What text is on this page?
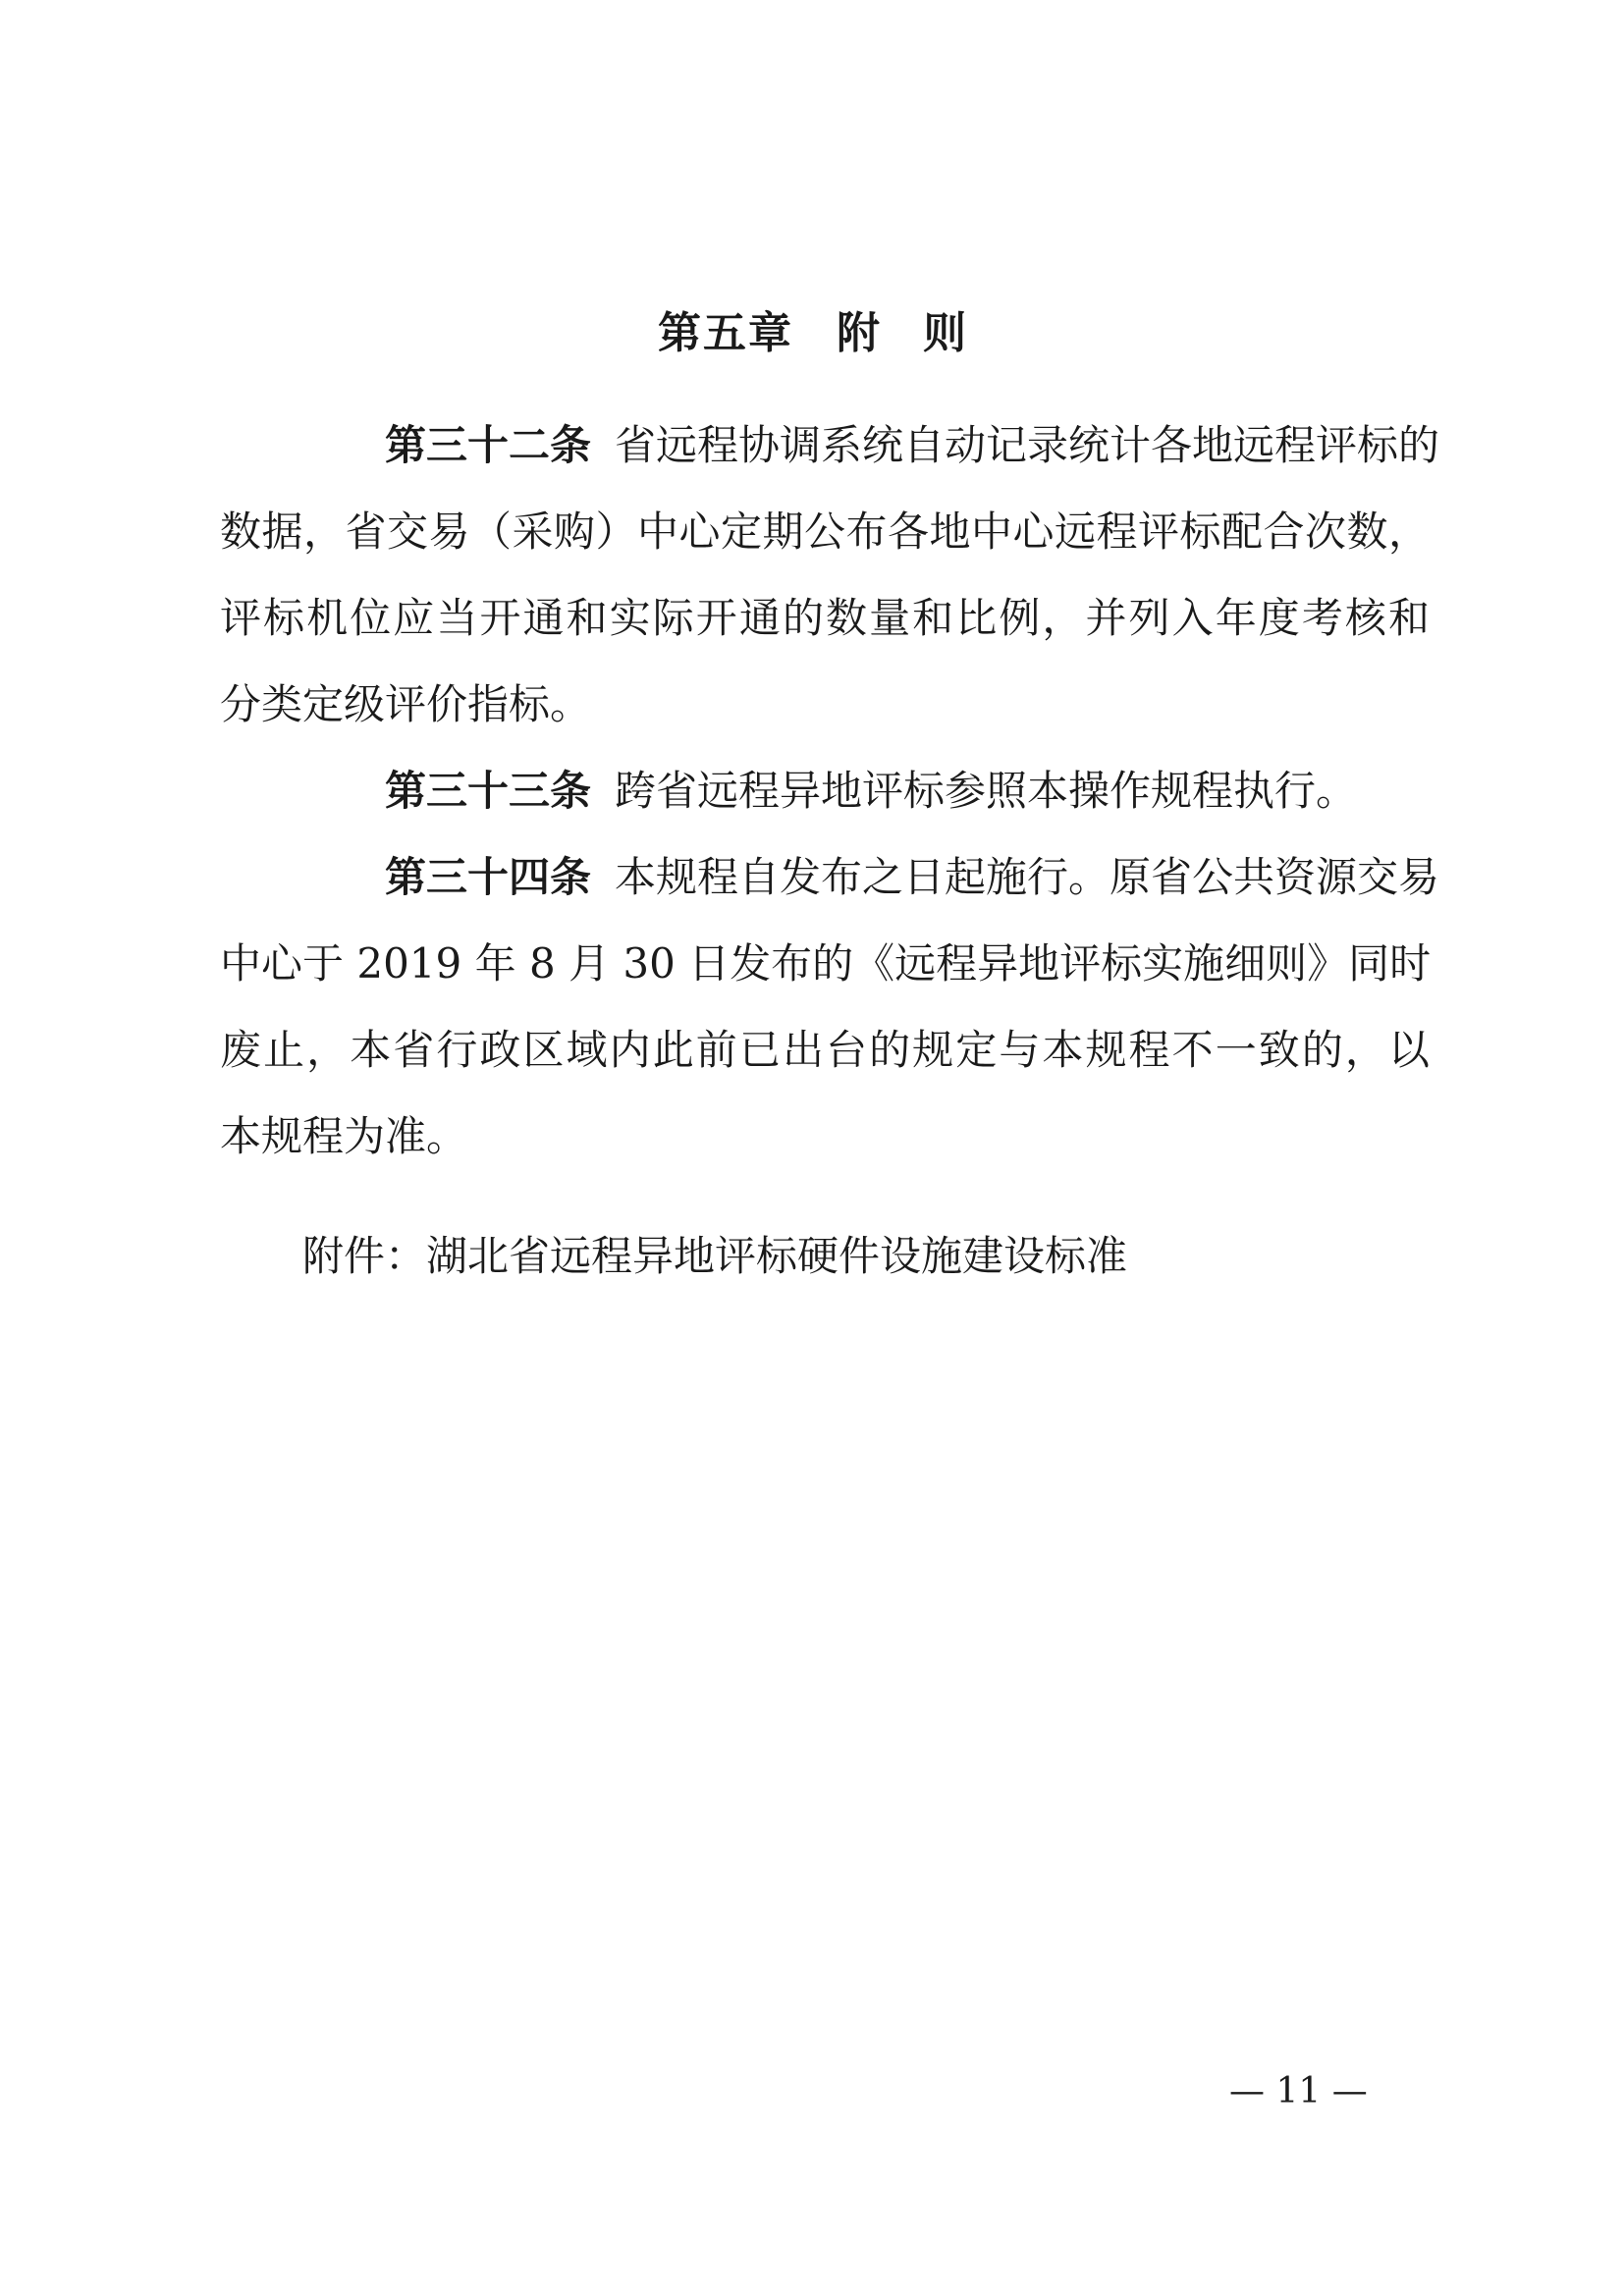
第五章 附则
第三十二条 省远程协调系统自动记录统计各地远程评标的
数据，省交易（采购）中心定期公布各地中心远程评标配合次数，
评标机位应当开通和实际开通的数量和比例，并列入年度考核和
分类定级评价指标。
第三十三条 跨省远程异地评标参照本操作规程执行。
第三十四条 本规程自发布之日起施行。原省公共资源交易
中心于 2019 年 8 月 30 日发布的《远程异地评标实施细则》同时
废止，本省行政区域内此前已出台的规定与本规程不一致的，以
本规程为准。
附件：湖北省远程异地评标硬件设施建设标准
— 11 —
